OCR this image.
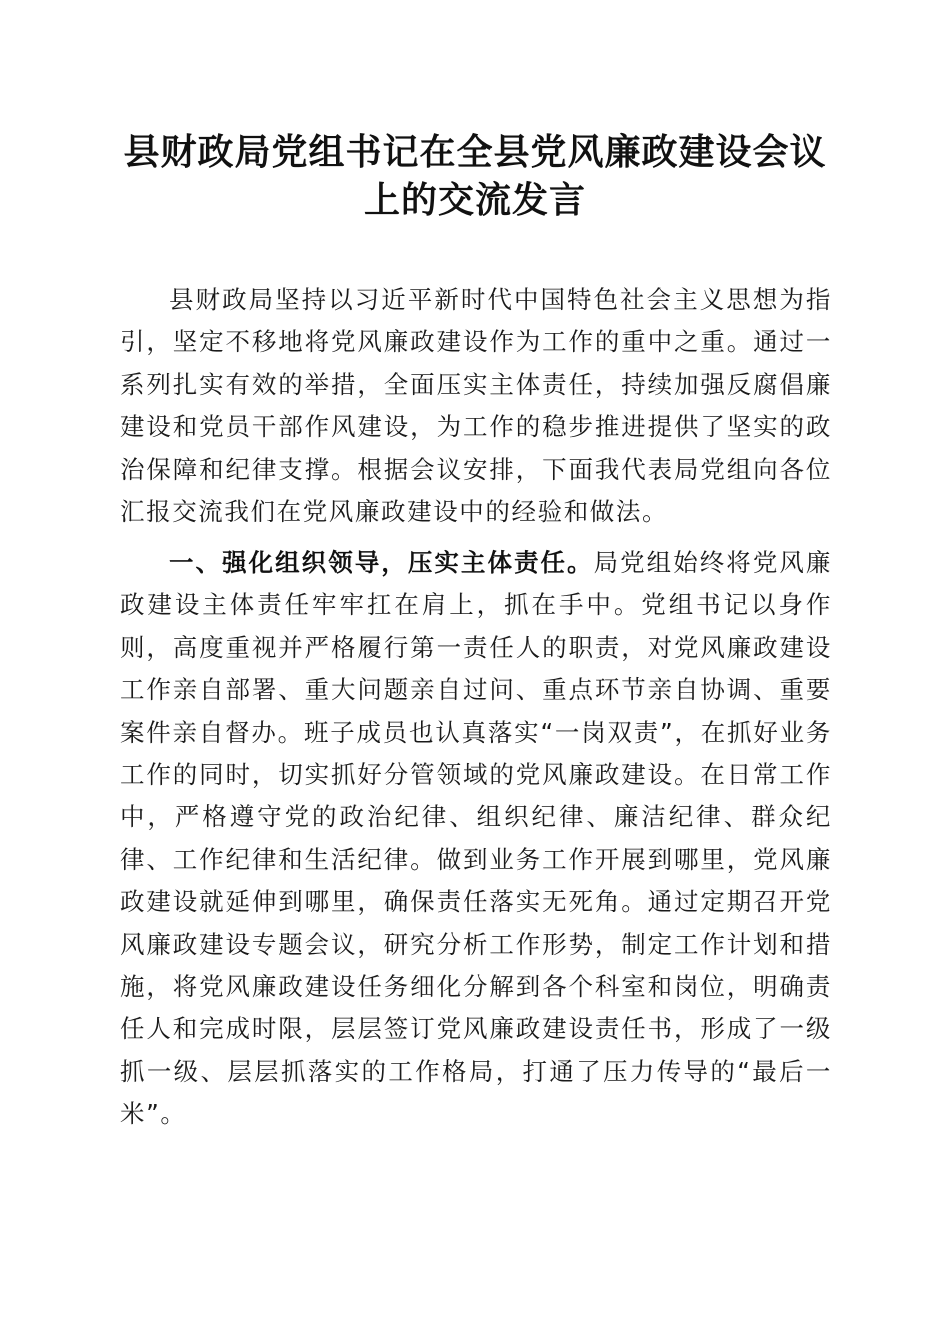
县财政局党组书记在全县党风廉政建设会议上的交流发言

县财政局坚持以习近平新时代中国特色社会主义思想为指引，坚定不移地将党风廉政建设作为工作的重中之重。通过一系列扎实有效的举措，全面压实主体责任，持续加强反腐倡廉建设和党员干部作风建设，为工作的稳步推进提供了坚实的政治保障和纪律支撑。根据会议安排，下面我代表局党组向各位汇报交流我们在党风廉政建设中的经验和做法。

一、强化组织领导，压实主体责任。局党组始终将党风廉政建设主体责任牢牢扛在肩上，抓在手中。党组书记以身作则，高度重视并严格履行第一责任人的职责，对党风廉政建设工作亲自部署、重大问题亲自过问、重点环节亲自协调、重要案件亲自督办。班子成员也认真落实“一岗双责”，在抓好业务工作的同时，切实抓好分管领域的党风廉政建设。在日常工作中，严格遵守党的政治纪律、组织纪律、廉洁纪律、群众纪律、工作纪律和生活纪律。做到业务工作开展到哪里，党风廉政建设就延伸到哪里，确保责任落实无死角。通过定期召开党风廉政建设专题会议，研究分析工作形势，制定工作计划和措施，将党风廉政建设任务细化分解到各个科室和岗位，明确责任人和完成时限，层层签订党风廉政建设责任书，形成了一级抓一级、层层抓落实的工作格局，打通了压力传导的“最后一米”。
